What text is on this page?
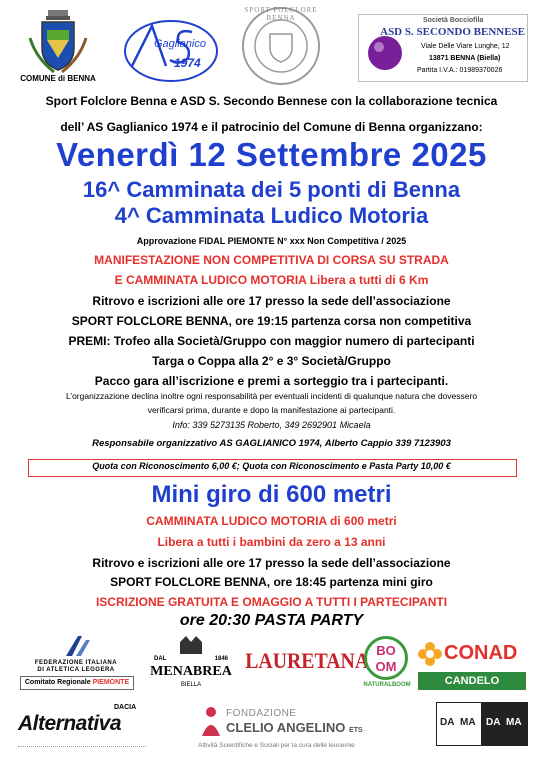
COMUNE di BENNA
Gaglianico
1974
SPORT FOLCLORE BENNA	Società Bocciofila
ASD S. SECONDO BENNESE
Viale Delle Viare Lunghe, 12
13871 BENNA (Biella)
Partita I.V.A.: 01989370026
Sport Folclore Benna e ASD S. Secondo Bennese con la collaborazione tecnica
dell’ AS Gaglianico 1974 e il patrocinio del Comune di Benna organizzano:
Venerdì 12 Settembre 2025
16^ Camminata dei 5 ponti di Benna
4^ Camminata Ludico Motoria
Approvazione FIDAL PIEMONTE N° xxx Non Competitiva / 2025
MANIFESTAZIONE NON COMPETITIVA DI CORSA SU STRADA
E CAMMINATA LUDICO MOTORIA Libera a tutti di 6 Km
Ritrovo e iscrizioni alle ore 17 presso la sede dell’associazione
SPORT FOLCLORE BENNA, ore 19:15 partenza corsa non competitiva
PREMI: Trofeo alla Società/Gruppo con maggior numero di partecipanti
Targa o Coppa alla 2° e 3° Società/Gruppo
Pacco gara all’iscrizione e premi a sorteggio tra i partecipanti.
L’organizzazione declina inoltre ogni responsabilità per eventuali incidenti di qualunque natura che dovessero
verificarsi prima, durante e dopo la manifestazione ai partecipanti.
Info: 339 5273135 Roberto, 349 2692901 Micaela
Responsabile organizzativo AS GAGLIANICO 1974, Alberto Cappio 339 7123903
Quota con Riconoscimento 6,00 €; Quota con Riconoscimento e Pasta Party 10,00 €
Mini giro di 600 metri
CAMMINATA LUDICO MOTORIA di 600 metri
Libera a tutti i bambini da zero a 13 anni
Ritrovo e iscrizioni alle ore 17 presso la sede dell’associazione
SPORT FOLCLORE BENNA, ore 18:45 partenza mini giro
ISCRIZIONE GRATUITA E OMAGGIO A TUTTI I PARTECIPANTI
ore 20:30 PASTA PARTY
FEDERAZIONE ITALIANA
DI ATLETICA LEGGERA
Comitato Regionale PIEMONTE
DAL	1846
MENABREA
BIELLA
LAURETANA BO
OM
NATURALBOOM
CONAD
CANDELO
DACIA
Alternativa	FONDAZIONE
CLELIO ANGELINO ETS
Attività Scientifiche e Sociali per la cura delle leucemie
DA MA DA MA
